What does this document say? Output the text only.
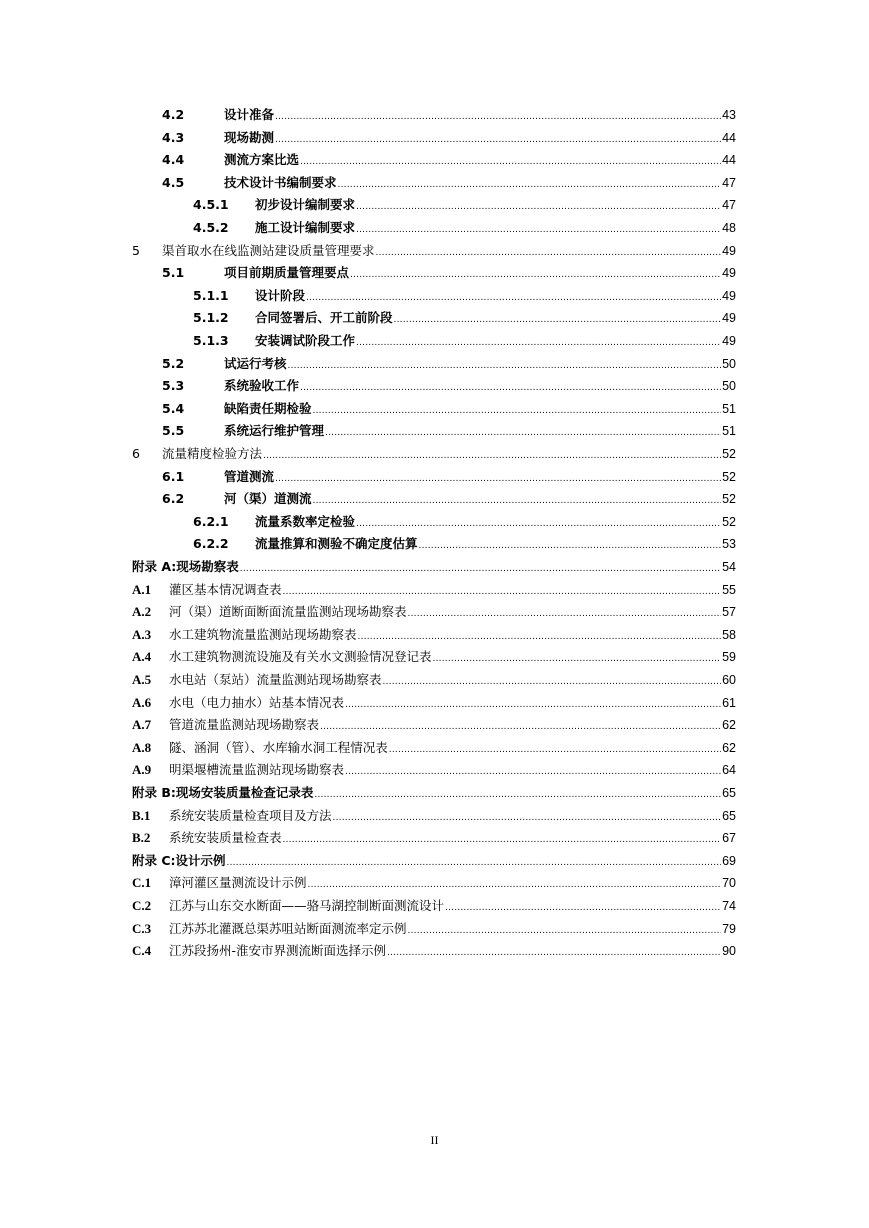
4.2	设计准备 .....	43
4.3	现场勘测 .....	44
4.4	测流方案比选 .....	44
4.5	技术设计书编制要求 .....	47
4.5.1	初步设计编制要求 .....	47
4.5.2	施工设计编制要求 .....	48
5	渠首取水在线监测站建设质量管理要求 .....	49
5.1	项目前期质量管理要点 .....	49
5.1.1	设计阶段 .....	49
5.1.2	合同签署后、开工前阶段 .....	49
5.1.3	安装调试阶段工作 .....	49
5.2	试运行考核 .....	50
5.3	系统验收工作 .....	50
5.4	缺陷责任期检验 .....	51
5.5	系统运行维护管理 .....	51
6	流量精度检验方法 .....	52
6.1	管道测流 .....	52
6.2	河（渠）道测流 .....	52
6.2.1	流量系数率定检验 .....	52
6.2.2	流量推算和测验不确定度估算 .....	53
附录 A:现场勘察表 .....	54
A.1	灌区基本情况调查表 .....	55
A.2	河（渠）道断面断面流量监测站现场勘察表 .....	57
A.3	水工建筑物流量监测站现场勘察表 .....	58
A.4	水工建筑物测流设施及有关水文测验情况登记表 .....	59
A.5	水电站（泵站）流量监测站现场勘察表 .....	60
A.6	水电（电力抽水）站基本情况表 .....	61
A.7	管道流量监测站现场勘察表 .....	62
A.8	隧、涵洞（管）、水库输水洞工程情况表 .....	62
A.9	明渠堰槽流量监测站现场勘察表 .....	64
附录 B:现场安装质量检查记录表 .....	65
B.1	系统安装质量检查项目及方法 .....	65
B.2	系统安装质量检查表 .....	67
附录 C:设计示例 .....	69
C.1	漳河灌区量测流设计示例 .....	70
C.2	江苏与山东交水断面——骆马湖控制断面测流设计 .....	74
C.3	江苏苏北灌溉总渠苏咀站断面测流率定示例 .....	79
C.4	江苏段扬州-淮安市界测流断面选择示例 .....	90
II
